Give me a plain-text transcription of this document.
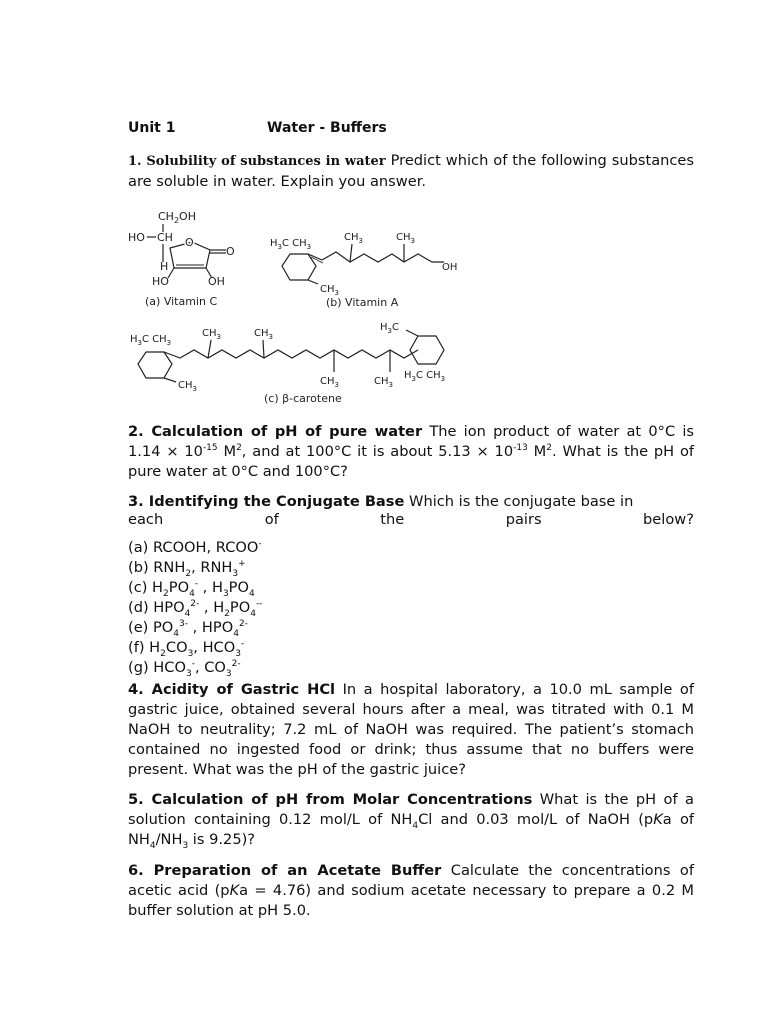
$CH_2OH$
HO CH
O
O
H
HO	OH
(a) Vitamin C
$H_3C$ $CH_3$
$CH_3$	$CH_3$
OH
$CH_3$
(b) Vitamin A
$H_3C$ $CH_3$
$CH_3$	$CH_3$
$H_3C$
$CH_3$	$CH_3$
$H_3C$ $CH_3$
$CH_3$
(c) β-carotene
Unit 1	Water - Buffers

1. Solubility of substances in water Predict which of the following substances are soluble in water. Explain you answer.

2. Calculation of pH of pure water The ion product of water at 0°C is $1.14 \times 10^{-15}$ $M^2$, and at 100°C it is about $5.13 \times 10^{-13}$ $M^2$. What is the pH of pure water at 0°C and 100°C?

3. Identifying the Conjugate Base Which is the conjugate base in

each	of	the	pairs	below?
(a) RCOOH, RCOO-
(b) $RNH_2$, $RNH_3^+$
(c) $H_2PO_4^-$ , $H_3PO_4$
(d) $HPO_4^{2-}$ , $H_2PO_4^{--}$
(e) $PO_4^{3-}$ , $HPO_4^{2-}$
(f) $H_2CO_3$, $HCO_3^-$
(g) $HCO_3^-$, $CO_3^{2-}$

4. Acidity of Gastric HCl In a hospital laboratory, a 10.0 mL sample of gastric juice, obtained several hours after a meal, was titrated with 0.1 M NaOH to neutrality; 7.2 mL of NaOH was required. The patient’s stomach contained no ingested food or drink; thus assume that no buffers were present. What was the pH of the gastric juice?

5. Calculation of pH from Molar Concentrations What is the pH of a solution containing 0.12 mol/L of $NH_4Cl$ and 0.03 mol/L of NaOH (pKa of $NH_4/NH_3$ is 9.25)?

6. Preparation of an Acetate Buffer Calculate the concentrations of acetic acid (pKa = 4.76) and sodium acetate necessary to prepare a 0.2 M buffer solution at pH 5.0.
